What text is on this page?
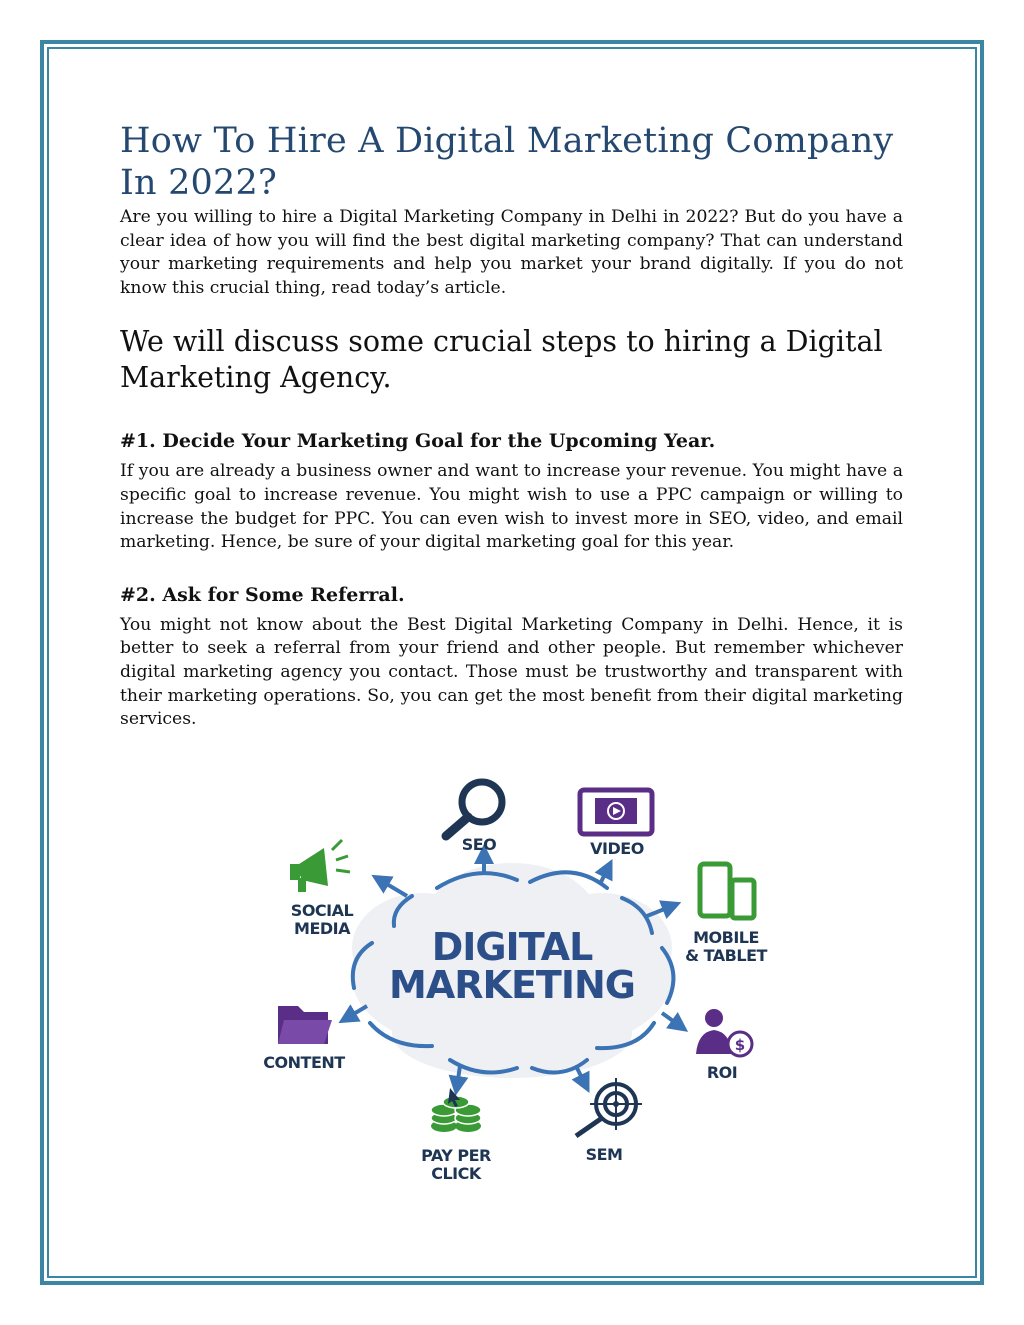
How To Hire A Digital Marketing Company In 2022?

Are you willing to hire a Digital Marketing Company in Delhi in 2022? But do you have a clear idea of how you will find the best digital marketing company? That can understand your marketing requirements and help you market your brand digitally. If you do not know this crucial thing, read today’s article.

We will discuss some crucial steps to hiring a Digital Marketing Agency.
#1. Decide Your Marketing Goal for the Upcoming Year.

If you are already a business owner and want to increase your revenue. You might have a specific goal to increase revenue. You might wish to use a PPC campaign or willing to increase the budget for PPC. You can even wish to invest more in SEO, video, and email marketing. Hence, be sure of your digital marketing goal for this year.

#2. Ask for Some Referral.

You might not know about the Best Digital Marketing Company in Delhi. Hence, it is better to seek a referral from your friend and other people. But remember whichever digital marketing agency you contact. Those must be trustworthy and transparent with their marketing operations. So, you can get the most benefit from their digital marketing services.

DIGITAL
MARKETING
SEO	VIDEO
SOCIAL
MEDIA	MOBILE
& TABLET
CONTENT
$
ROI
PAY PER
CLICK
SEM
